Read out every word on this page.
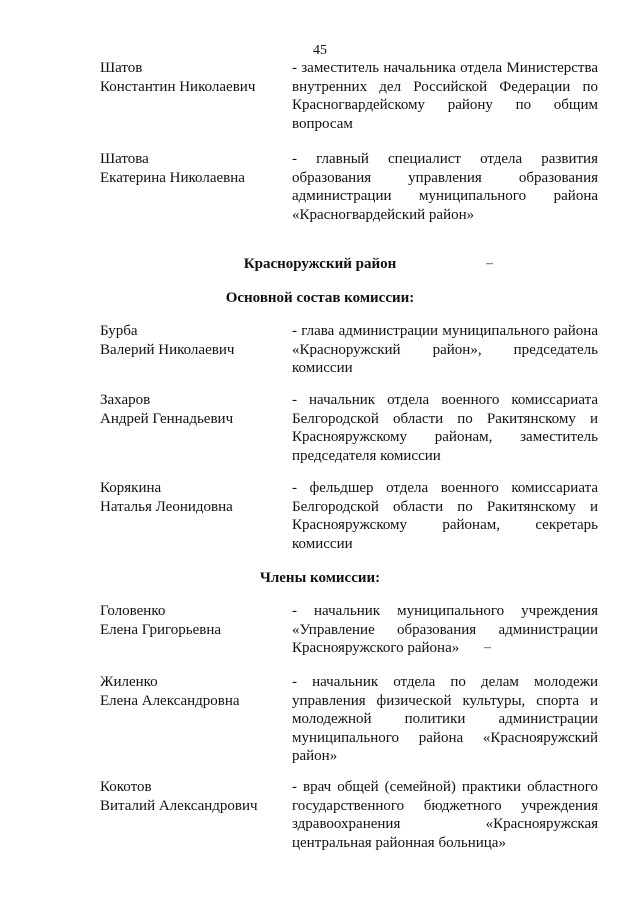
45
Шатов
Константин Николаевич
- заместитель начальника отдела Министерства внутренних дел Российской Федерации по Красногвардейскому району по общим вопросам
Шатова
Екатерина Николаевна
- главный специалист отдела развития образования управления образования администрации муниципального района «Красногвардейский район»
Красноружский район	–
Основной состав комиссии:
Бурба
Валерий Николаевич
- глава администрации муниципального района «Красноружский район», председатель комиссии
Захаров
Андрей Геннадьевич
- начальник отдела военного комиссариата Белгородской области по Ракитянскому и Краснояружскому районам, заместитель председателя комиссии
Корякина
Наталья Леонидовна
- фельдшер отдела военного комиссариата Белгородской области по Ракитянскому и Краснояружскому районам, секретарь комиссии
Члены комиссии:
Головенко
Елена Григорьевна
- начальник муниципального учреждения «Управление образования администрации Краснояружского района»	–
Жиленко
Елена Александровна
- начальник отдела по делам молодежи управления физической культуры, спорта и молодежной политики администрации муниципального района «Краснояружский район»
Кокотов
Виталий Александрович
- врач общей (семейной) практики областного государственного бюджетного учреждения здравоохранения «Краснояружская центральная районная больница»
